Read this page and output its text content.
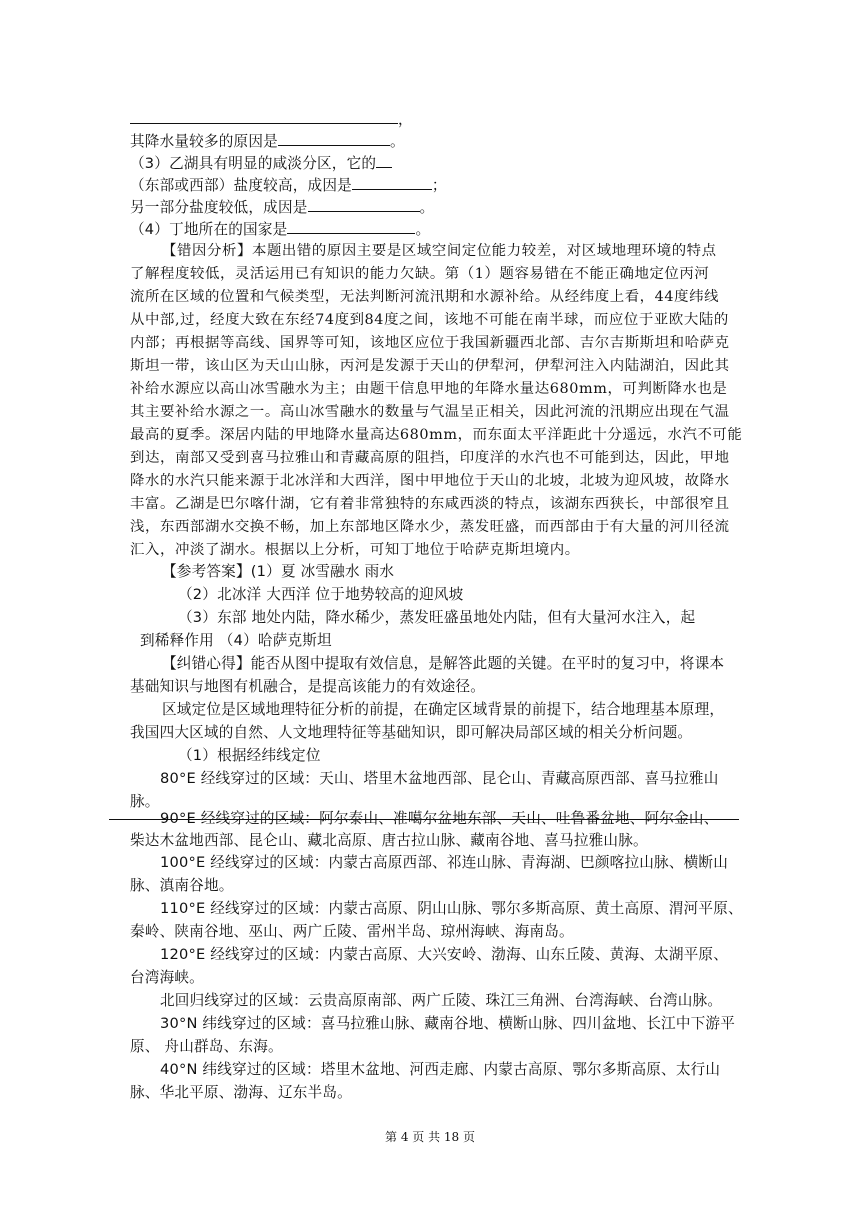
，
其降水量较多的原因是	。
（3）乙湖具有明显的咸淡分区，它的
（东部或西部）盐度较高，成因是	；
另一部分盐度较低，成因是	。
（4）丁地所在的国家是	。
【错因分析】本题出错的原因主要是区域空间定位能力较差，对区域地理环境的特点
了解程度较低，灵活运用已有知识的能力欠缺。第（1）题容易错在不能正确地定位丙河
流所在区域的位置和气候类型，无法判断河流汛期和水源补给。从经纬度上看，44度纬线
从中部,过，经度大致在东经74度到84度之间，该地不可能在南半球，而应位于亚欧大陆的
内部；再根据等高线、国界等可知，该地区应位于我国新疆西北部、吉尔吉斯斯坦和哈萨克
斯坦一带，该山区为天山山脉，丙河是发源于天山的伊犁河，伊犁河注入内陆湖泊，因此其
补给水源应以高山冰雪融水为主；由题干信息甲地的年降水量达680mm，可判断降水也是
其主要补给水源之一。高山冰雪融水的数量与气温呈正相关，因此河流的汛期应出现在气温
最高的夏季。深居内陆的甲地降水量高达680mm，而东面太平洋距此十分遥远，水汽不可能
到达，南部又受到喜马拉雅山和青藏高原的阻挡，印度洋的水汽也不可能到达，因此，甲地
降水的水汽只能来源于北冰洋和大西洋，图中甲地位于天山的北坡，北坡为迎风坡，故降水
丰富。乙湖是巴尔喀什湖，它有着非常独特的东咸西淡的特点，该湖东西狭长，中部很窄且
浅，东西部湖水交换不畅，加上东部地区降水少，蒸发旺盛，而西部由于有大量的河川径流
汇入，冲淡了湖水。根据以上分析，可知丁地位于哈萨克斯坦境内。
【参考答案】(1）夏 冰雪融水 雨水
（2）北冰洋 大西洋 位于地势较高的迎风坡
（3）东部 地处内陆，降水稀少，蒸发旺盛虽地处内陆，但有大量河水注入，起
到稀释作用 （4）哈萨克斯坦
【纠错心得】能否从图中提取有效信息，是解答此题的关键。在平时的复习中，将课本
基础知识与地图有机融合，是提高该能力的有效途径。
区域定位是区域地理特征分析的前提，在确定区域背景的前提下，结合地理基本原理，
我国四大区域的自然、人文地理特征等基础知识，即可解决局部区域的相关分析问题。
（1）根据经纬线定位
80°E 经线穿过的区域：天山、塔里木盆地西部、昆仑山、青藏高原西部、喜马拉雅山
脉。
90°E 经线穿过的区域：阿尔泰山、准噶尔盆地东部、天山、吐鲁番盆地、阿尔金山、
柴达木盆地西部、昆仑山、藏北高原、唐古拉山脉、藏南谷地、喜马拉雅山脉。
100°E 经线穿过的区域：内蒙古高原西部、祁连山脉、青海湖、巴颜喀拉山脉、横断山
脉、滇南谷地。
110°E 经线穿过的区域：内蒙古高原、阴山山脉、鄂尔多斯高原、黄土高原、渭河平原、
秦岭、陕南谷地、巫山、两广丘陵、雷州半岛、琼州海峡、海南岛。
120°E 经线穿过的区域：内蒙古高原、大兴安岭、渤海、山东丘陵、黄海、太湖平原、
台湾海峡。
北回归线穿过的区域：云贵高原南部、两广丘陵、珠江三角洲、台湾海峡、台湾山脉。
30°N 纬线穿过的区域：喜马拉雅山脉、藏南谷地、横断山脉、四川盆地、长江中下游平
原、 舟山群岛、东海。
40°N 纬线穿过的区域：塔里木盆地、河西走廊、内蒙古高原、鄂尔多斯高原、太行山
脉、华北平原、渤海、辽东半岛。
第 4 页 共 18 页
